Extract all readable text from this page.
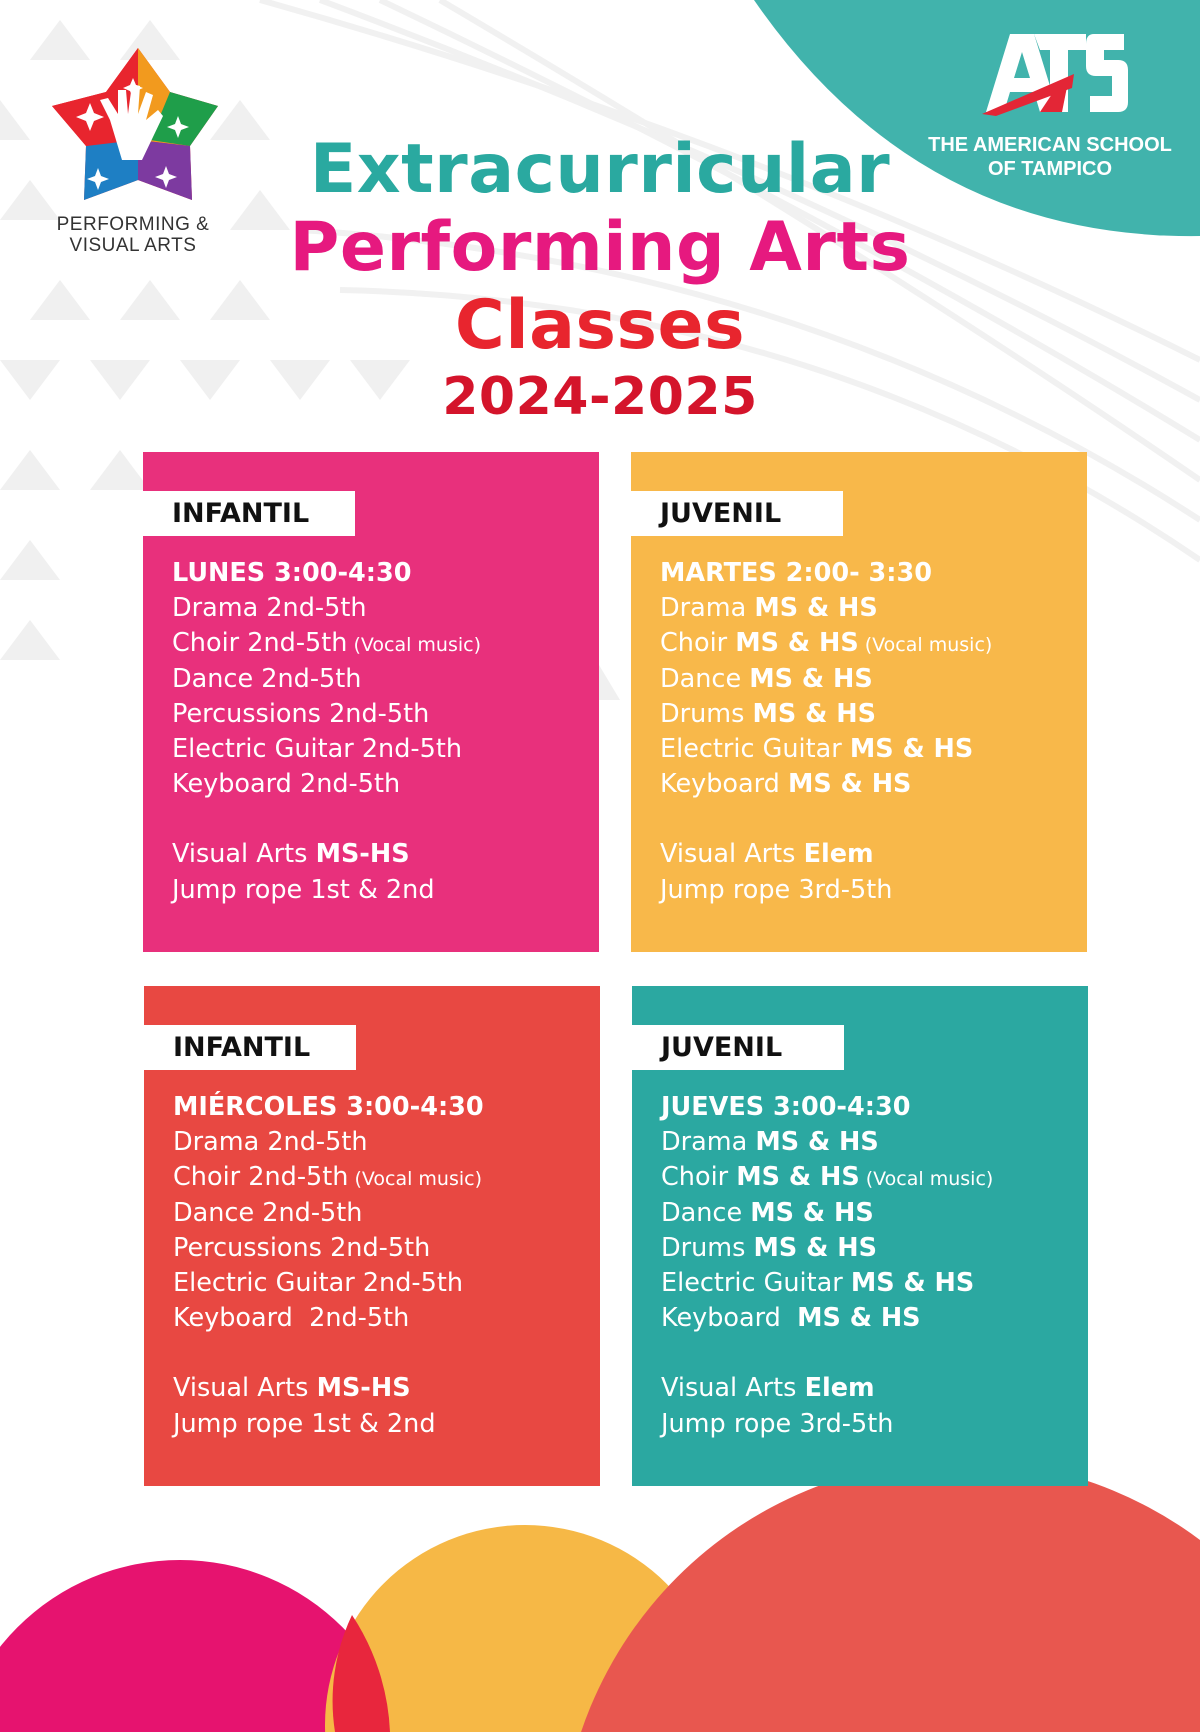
PERFORMING &
VISUAL ARTS
THE AMERICAN SCHOOL
OF TAMPICO
Extracurricular
Performing Arts
Classes
2024-2025
INFANTIL
LUNES 3:00-4:30
Drama 2nd-5th
Choir 2nd-5th (Vocal music)
Dance 2nd-5th
Percussions 2nd-5th
Electric Guitar 2nd-5th
Keyboard 2nd-5th
Visual Arts MS-HS
Jump rope 1st & 2nd
JUVENIL
MARTES 2:00- 3:30
Drama MS & HS
Choir MS & HS (Vocal music)
Dance MS & HS
Drums MS & HS
Electric Guitar MS & HS
Keyboard MS & HS
Visual Arts Elem
Jump rope 3rd-5th
INFANTIL
MIÉRCOLES 3:00-4:30
Drama 2nd-5th
Choir 2nd-5th (Vocal music)
Dance 2nd-5th
Percussions 2nd-5th
Electric Guitar 2nd-5th
Keyboard  2nd-5th
Visual Arts MS-HS
Jump rope 1st & 2nd
JUVENIL
JUEVES 3:00-4:30
Drama MS & HS
Choir MS & HS (Vocal music)
Dance MS & HS
Drums MS & HS
Electric Guitar MS & HS
Keyboard  MS & HS
Visual Arts Elem
Jump rope 3rd-5th
